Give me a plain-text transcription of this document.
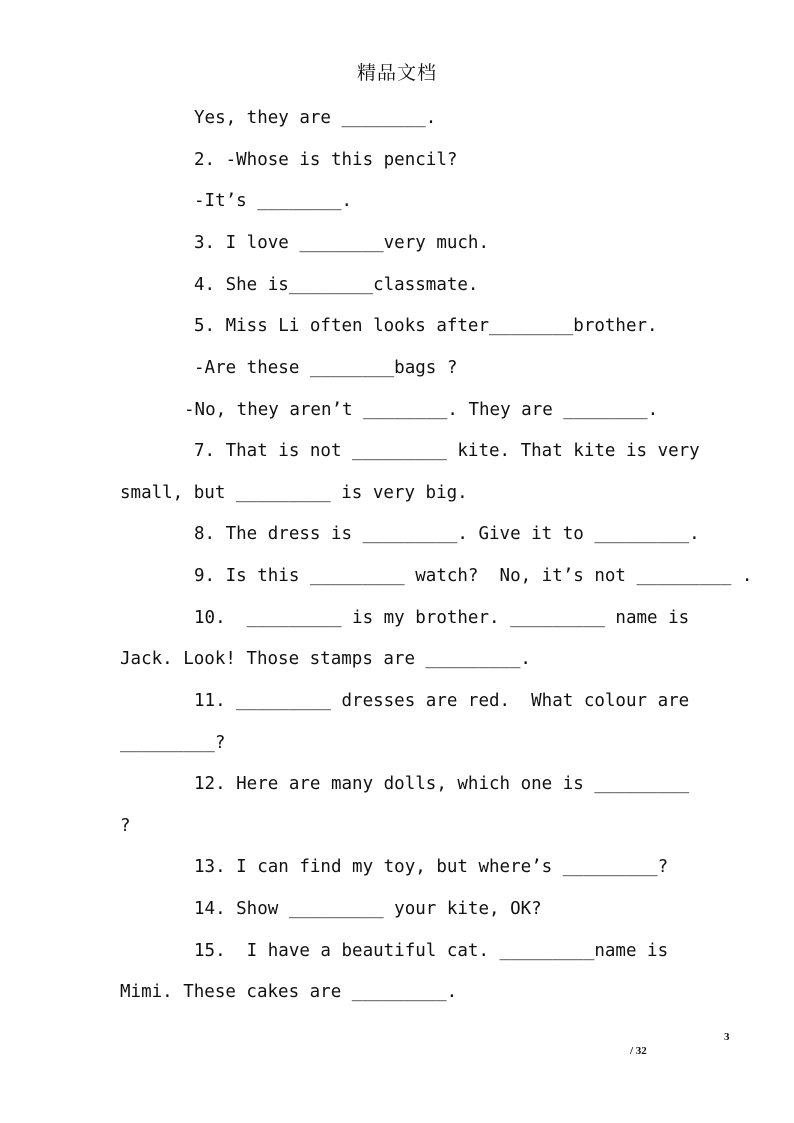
精品文档
Yes, they are ________.
2. -Whose is this pencil?
-It’s ________.
3. I love ________very much.
4. She is________classmate.
5. Miss Li often looks after________brother.
-Are these ________bags ?
-No, they aren’t ________. They are ________.
7. That is not _________ kite. That kite is very
small, but _________ is very big.
8. The dress is _________. Give it to _________.
9. Is this _________ watch?  No, it’s not _________ .
10.  _________ is my brother. _________ name is
Jack. Look! Those stamps are _________.
11. _________ dresses are red.  What colour are
_________?
12. Here are many dolls, which one is _________
?
13. I can find my toy, but where’s _________?
14. Show _________ your kite, OK?
15.  I have a beautiful cat. _________name is
Mimi. These cakes are _________.
3
/ 32
